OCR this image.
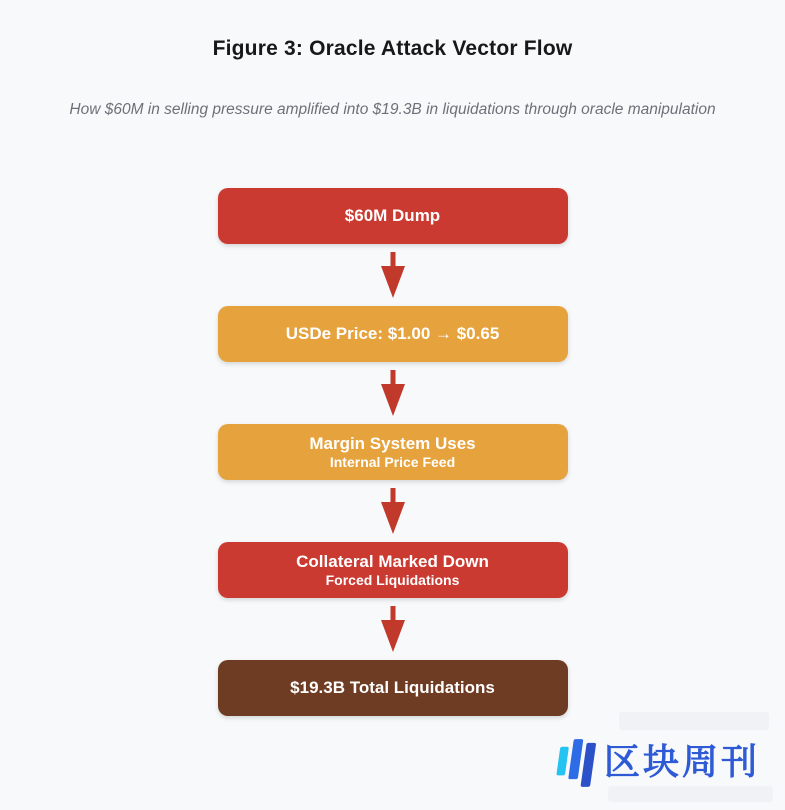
Figure 3: Oracle Attack Vector Flow

How $60M in selling pressure amplified into $19.3B in liquidations through oracle manipulation

$60M Dump
USDe Price: $1.00 → $0.65
Margin System Uses
Internal Price Feed
Collateral Marked Down
Forced Liquidations
$19.3B Total Liquidations
区块周刊
